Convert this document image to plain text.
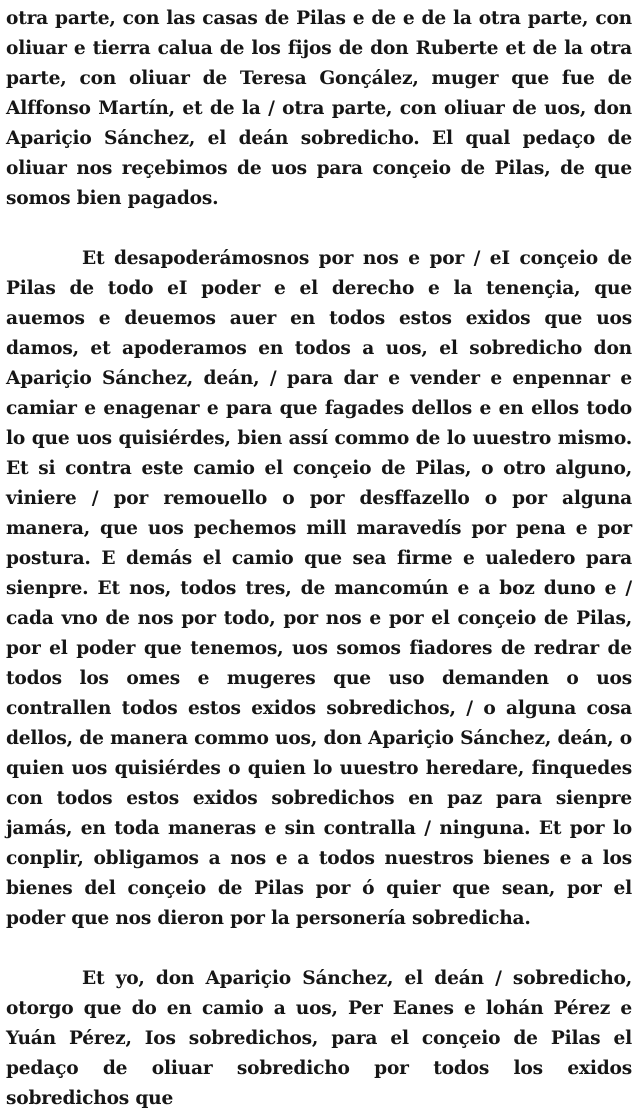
otra parte, con las casas de Pilas e de e de la otra parte, con oliuar e tierra calua de los fijos de don Ruberte et de la otra parte, con oliuar de Teresa Gonçález, muger que fue de Alffonso Martín, et de la / otra parte, con oliuar de uos, don Apariçio Sánchez, el deán sobredicho. El qual pedaço de oliuar nos reçebimos de uos para conçeio de Pilas, de que somos bien pagados.

Et desapoderámosnos por nos e por / eI conçeio de Pilas de todo eI poder e el derecho e la tenençia, que auemos e deuemos auer en todos estos exidos que uos damos, et apoderamos en todos a uos, el sobredicho don Apariçio Sánchez, deán, / para dar e vender e enpennar e camiar e enagenar e para que fagades dellos e en ellos todo lo que uos quisiérdes, bien assí commo de lo uuestro mismo. Et si contra este camio el conçeio de Pilas, o otro alguno, viniere / por remouello o por desffazello o por alguna manera, que uos pechemos mill maravedís por pena e por postura. E demás el camio que sea firme e ualedero para sienpre. Et nos, todos tres, de mancomún e a boz duno e / cada vno de nos por todo, por nos e por el conçeio de Pilas, por el poder que tenemos, uos somos fiadores de redrar de todos los omes e mugeres que uso demanden o uos contrallen todos estos exidos sobredichos, / o alguna cosa dellos, de manera commo uos, don Apariçio Sánchez, deán, o quien uos quisiérdes o quien lo uuestro heredare, finquedes con todos estos exidos sobredichos en paz para sienpre jamás, en toda maneras e sin contralla / ninguna. Et por lo conplir, obligamos a nos e a todos nuestros bienes e a los bienes del conçeio de Pilas por ó quier que sean, por el poder que nos dieron por la personería sobredicha.

Et yo, don Apariçio Sánchez, el deán / sobredicho, otorgo que do en camio a uos, Per Eanes e lohán Pérez e Yuán Pérez, Ios sobredichos, para el conçeio de Pilas el pedaço de oliuar sobredicho por todos los exidos sobredichos que
